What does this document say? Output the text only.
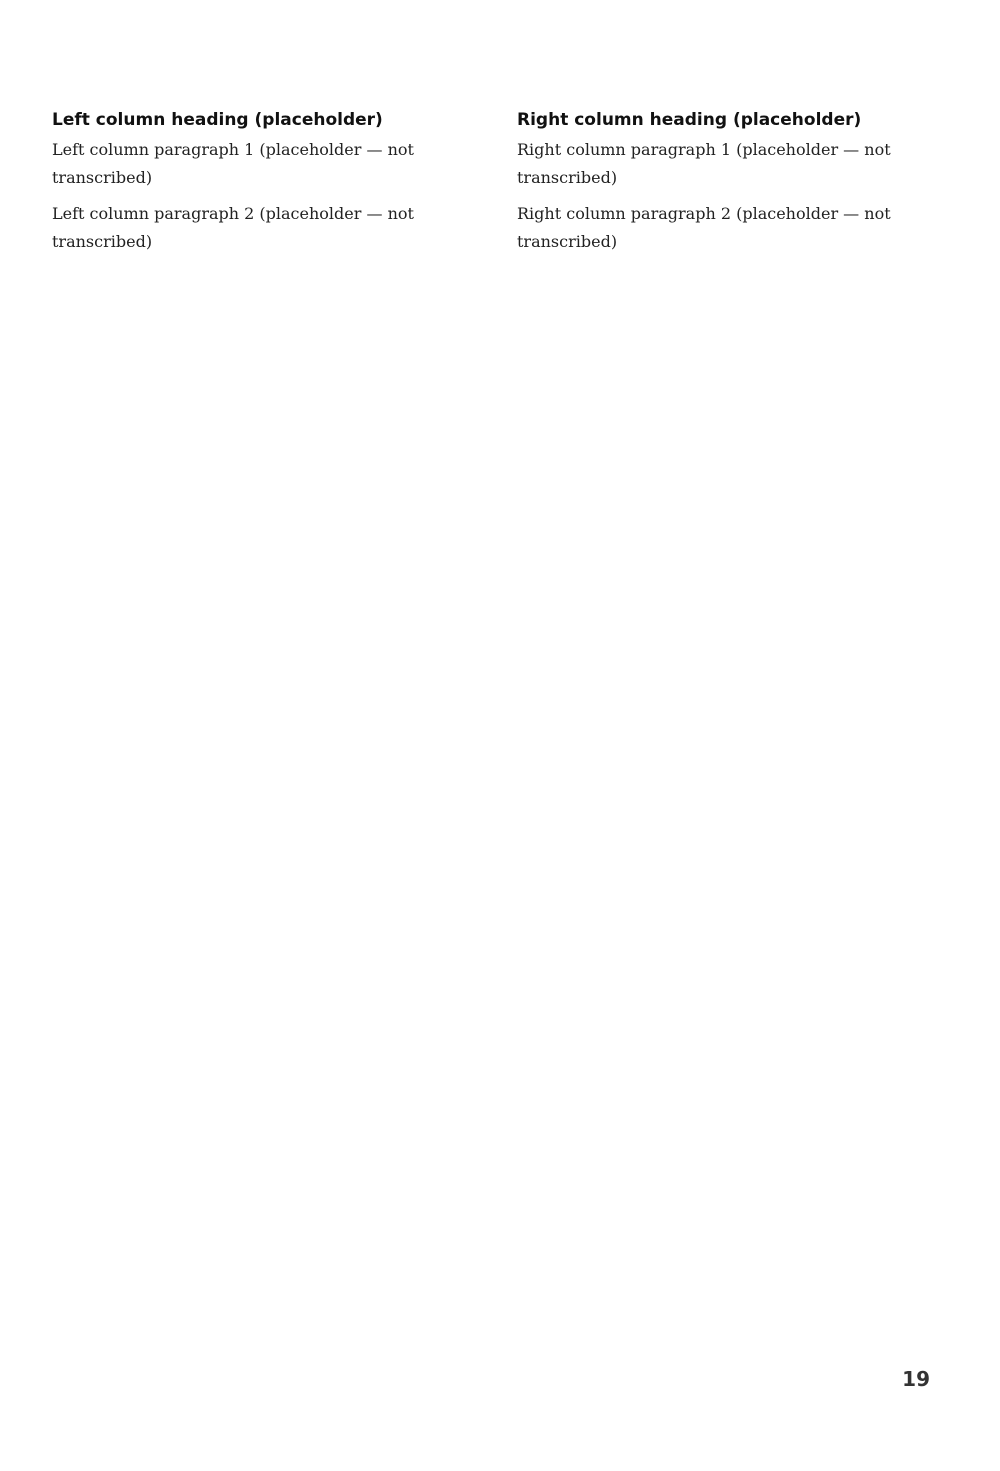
Left column heading (placeholder)

Left column paragraph 1 (placeholder — not transcribed)

Left column paragraph 2 (placeholder — not transcribed)

Right column heading (placeholder)

Right column paragraph 1 (placeholder — not transcribed)

Right column paragraph 2 (placeholder — not transcribed)

19
